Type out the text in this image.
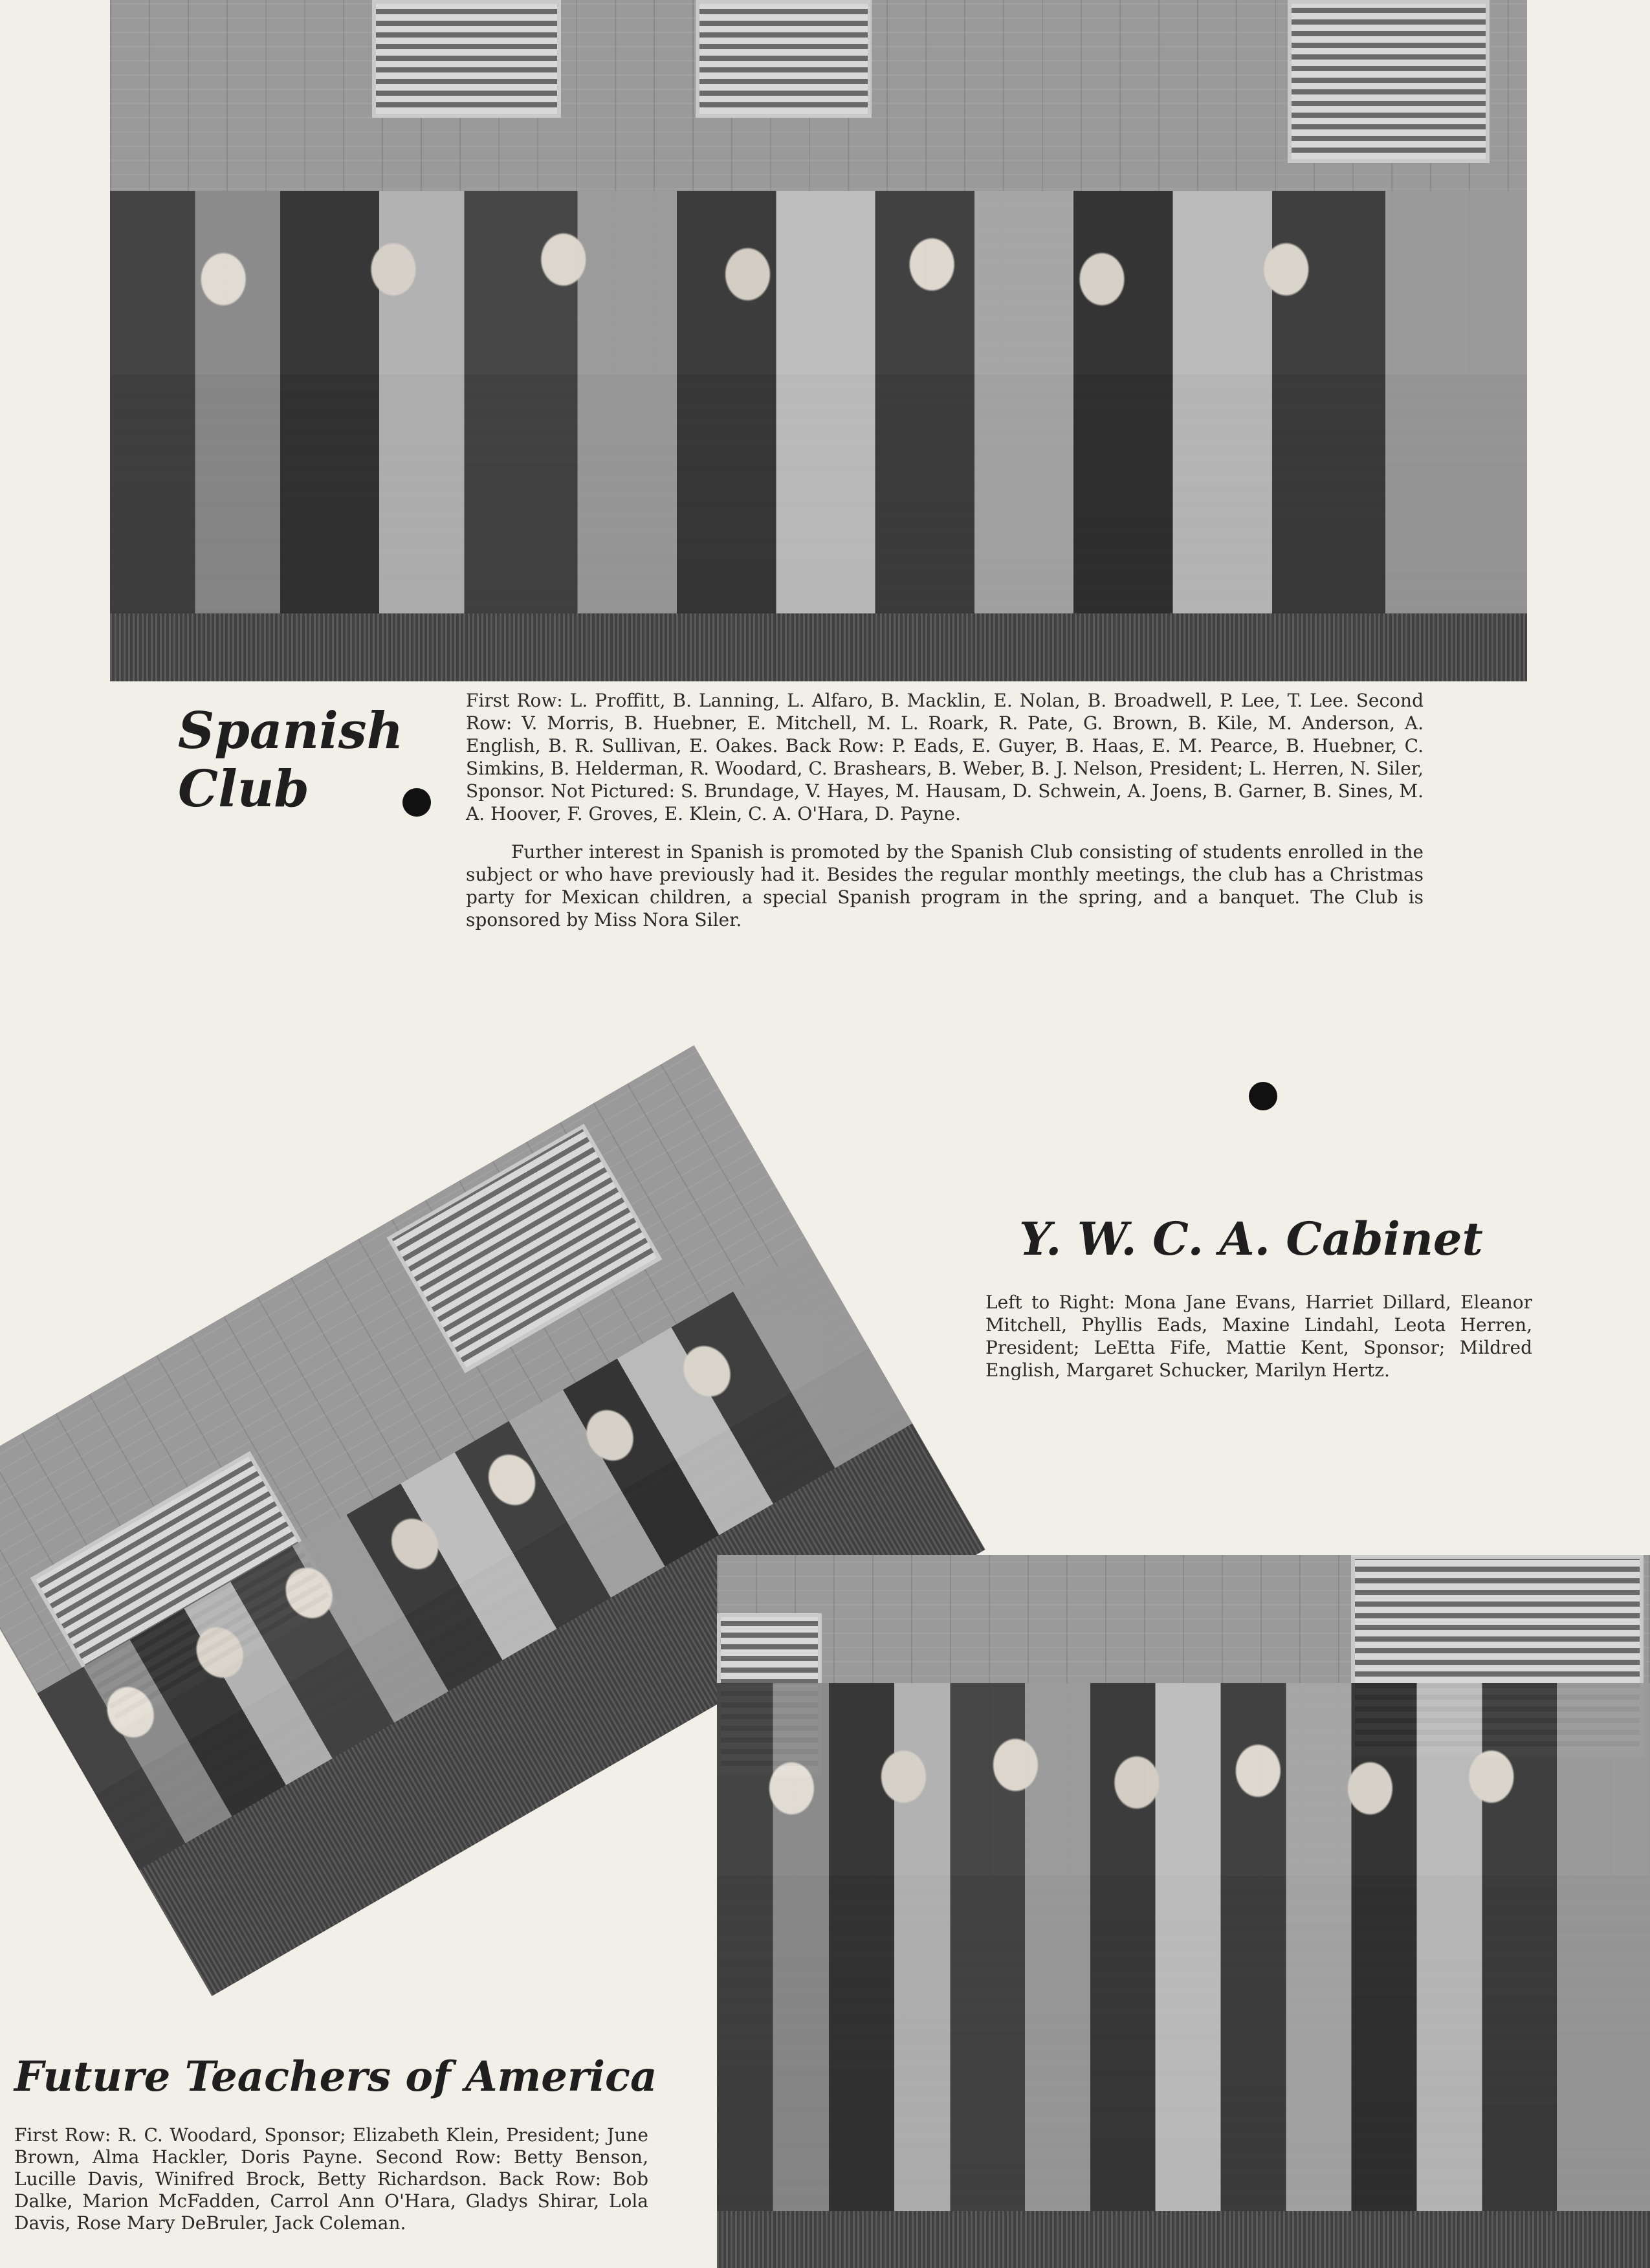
Spanish
Club

First Row: L. Proffitt, B. Lanning, L. Alfaro, B. Macklin, E. Nolan, B. Broadwell, P. Lee, T. Lee. Second Row: V. Morris, B. Huebner, E. Mitchell, M. L. Roark, R. Pate, G. Brown, B. Kile, M. Anderson, A. English, B. R. Sullivan, E. Oakes. Back Row: P. Eads, E. Guyer, B. Haas, E. M. Pearce, B. Huebner, C. Simkins, B. Helderman, R. Woodard, C. Brashears, B. Weber, B. J. Nelson, President; L. Herren, N. Siler, Sponsor. Not Pictured: S. Brundage, V. Hayes, M. Hausam, D. Schwein, A. Joens, B. Garner, B. Sines, M. A. Hoover, F. Groves, E. Klein, C. A. O'Hara, D. Payne.

Further interest in Spanish is promoted by the Spanish Club consisting of students enrolled in the subject or who have previously had it. Besides the regular monthly meetings, the club has a Christmas party for Mexican children, a special Spanish program in the spring, and a banquet. The Club is sponsored by Miss Nora Siler.

Y. W. C. A. Cabinet
Left to Right: Mona Jane Evans, Harriet Dillard, Eleanor Mitchell, Phyllis Eads, Maxine Lindahl, Leota Herren, President; LeEtta Fife, Mattie Kent, Sponsor; Mildred English, Margaret Schucker, Marilyn Hertz.
Future Teachers of America
First Row: R. C. Woodard, Sponsor; Elizabeth Klein, President; June Brown, Alma Hackler, Doris Payne. Second Row: Betty Benson, Lucille Davis, Winifred Brock, Betty Richardson. Back Row: Bob Dalke, Marion McFadden, Carrol Ann O'Hara, Gladys Shirar, Lola Davis, Rose Mary DeBruler, Jack Coleman.
